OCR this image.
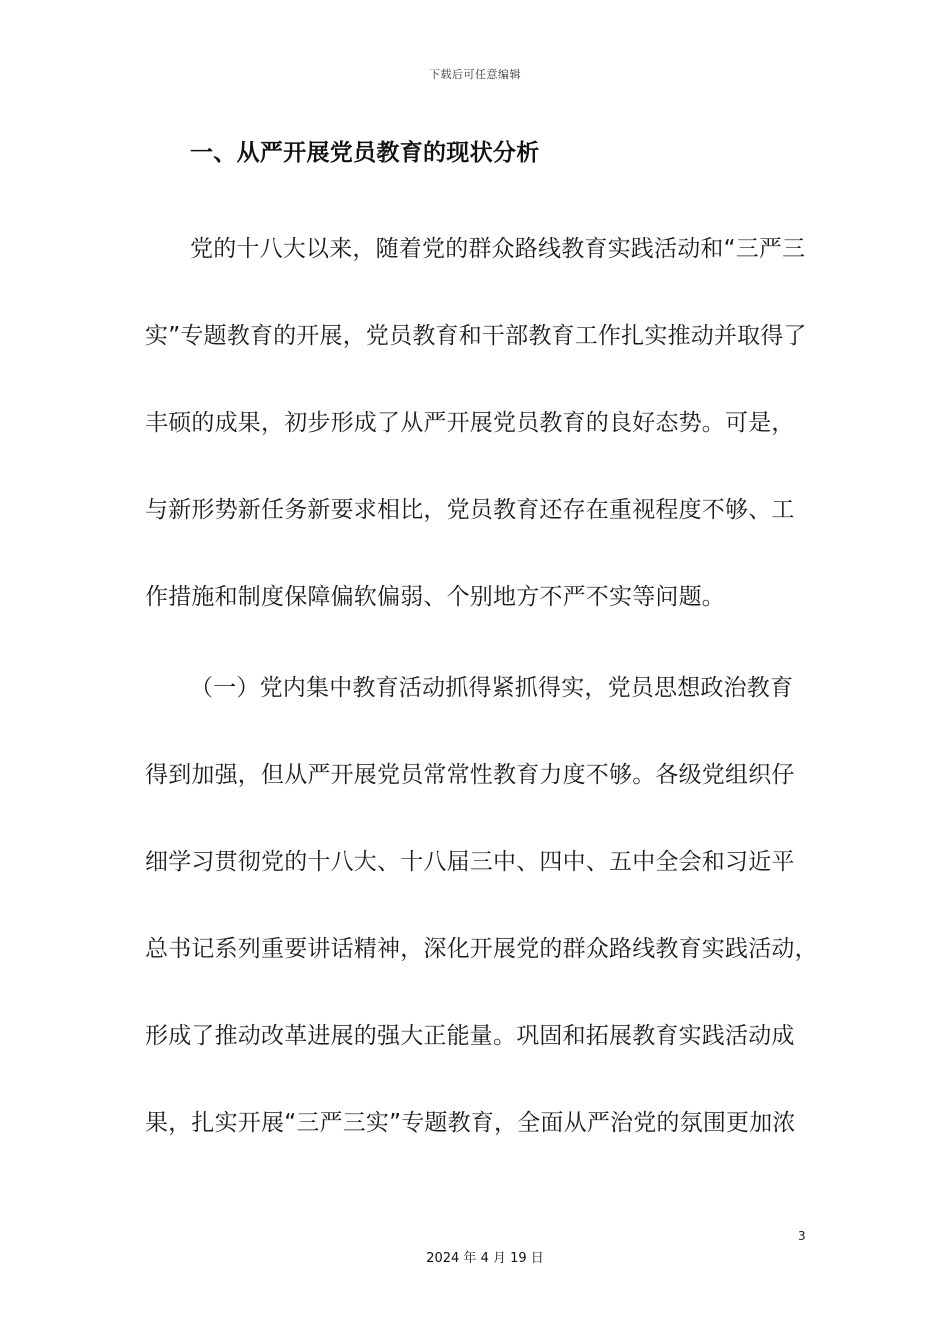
下载后可任意编辑
一、从严开展党员教育的现状分析
党的十八大以来，随着党的群众路线教育实践活动和“三严三
实”专题教育的开展，党员教育和干部教育工作扎实推动并取得了
丰硕的成果，初步形成了从严开展党员教育的良好态势。可是，
与新形势新任务新要求相比，党员教育还存在重视程度不够、工
作措施和制度保障偏软偏弱、个别地方不严不实等问题。
（一）党内集中教育活动抓得紧抓得实，党员思想政治教育
得到加强，但从严开展党员常常性教育力度不够。各级党组织仔
细学习贯彻党的十八大、十八届三中、四中、五中全会和习近平
总书记系列重要讲话精神，深化开展党的群众路线教育实践活动，
形成了推动改革进展的强大正能量。巩固和拓展教育实践活动成
果，扎实开展“三严三实”专题教育，全面从严治党的氛围更加浓
3
2024 年 4 月 19 日
